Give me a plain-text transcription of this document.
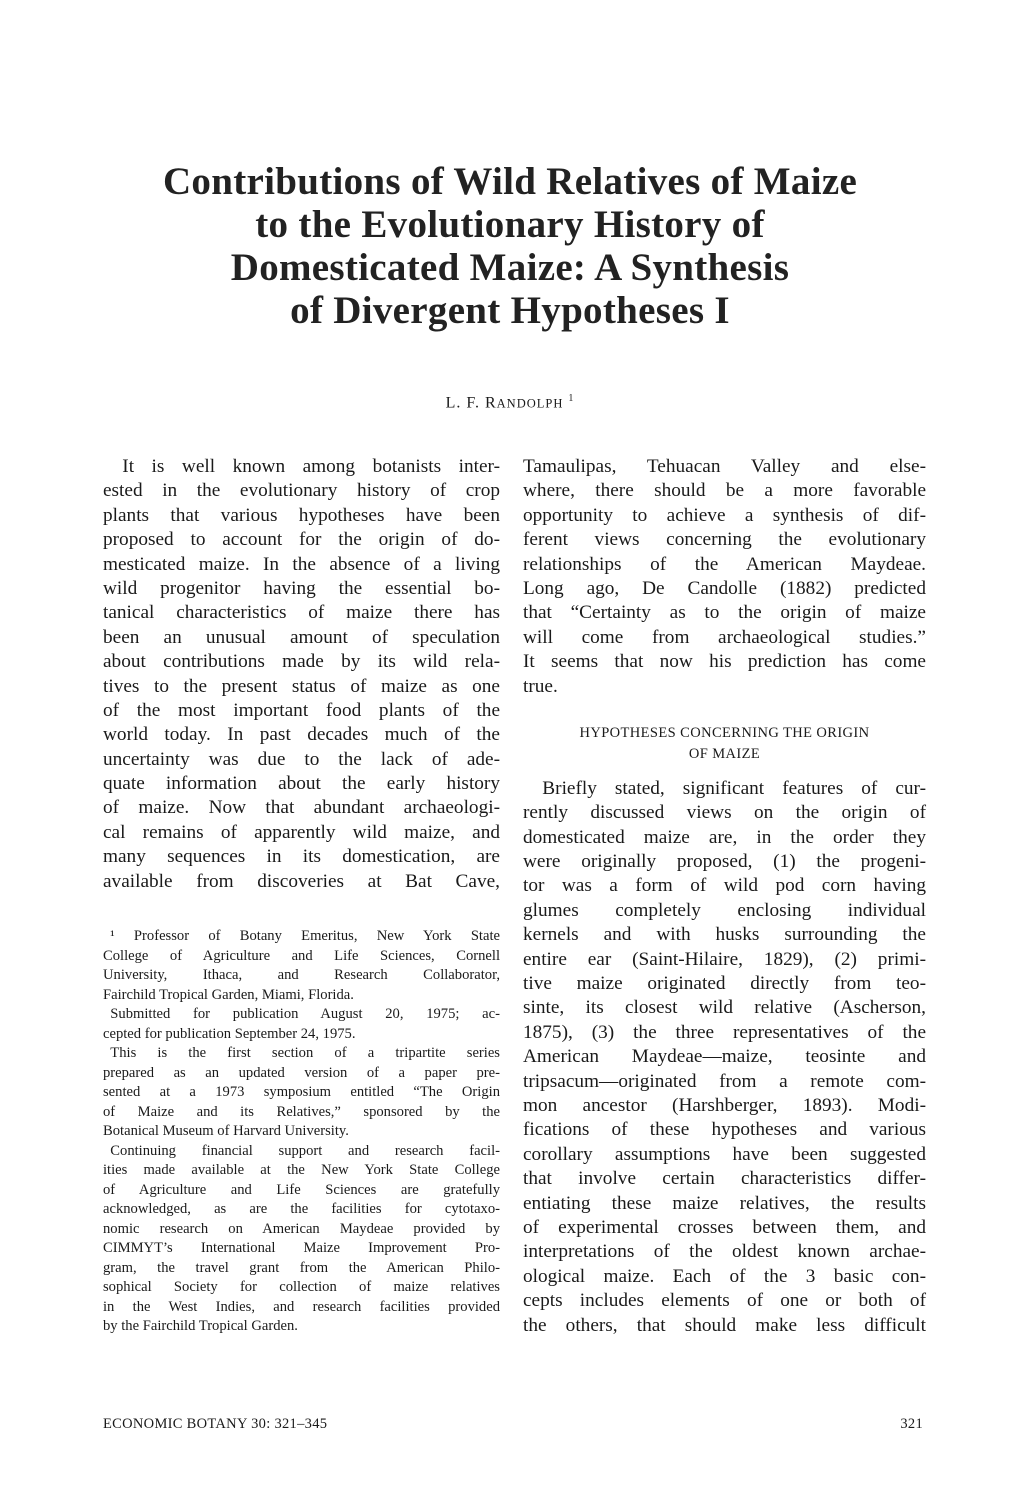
Contributions of Wild Relatives of Maize
to the Evolutionary History of
Domesticated Maize: A Synthesis
of Divergent Hypotheses I
L. F. RANDOLPH $^1$
 It is well known among botanists inter-
ested in the evolutionary history of crop
plants that various hypotheses have been
proposed to account for the origin of do-
mesticated maize. In the absence of a living
wild progenitor having the essential bo-
tanical characteristics of maize there has
been an unusual amount of speculation
about contributions made by its wild rela-
tives to the present status of maize as one
of the most important food plants of the
world today. In past decades much of the
uncertainty was due to the lack of ade-
quate information about the early history
of maize. Now that abundant archaeologi-
cal remains of apparently wild maize, and
many sequences in its domestication, are
available from discoveries at Bat Cave,
 ¹ Professor of Botany Emeritus, New York State
College of Agriculture and Life Sciences, Cornell
University, Ithaca, and Research Collaborator,
Fairchild Tropical Garden, Miami, Florida.
 Submitted for publication August 20, 1975; ac-
cepted for publication September 24, 1975.
 This is the first section of a tripartite series
prepared as an updated version of a paper pre-
sented at a 1973 symposium entitled “The Origin
of Maize and its Relatives,” sponsored by the
Botanical Museum of Harvard University.
 Continuing financial support and research facil-
ities made available at the New York State College
of Agriculture and Life Sciences are gratefully
acknowledged, as are the facilities for cytotaxo-
nomic research on American Maydeae provided by
CIMMYT’s International Maize Improvement Pro-
gram, the travel grant from the American Philo-
sophical Society for collection of maize relatives
in the West Indies, and research facilities provided
by the Fairchild Tropical Garden.
Tamaulipas, Tehuacan Valley and else-
where, there should be a more favorable
opportunity to achieve a synthesis of dif-
ferent views concerning the evolutionary
relationships of the American Maydeae.
Long ago, De Candolle (1882) predicted
that “Certainty as to the origin of maize
will come from archaeological studies.”
It seems that now his prediction has come
true.
HYPOTHESES CONCERNING THE ORIGIN
OF MAIZE
 Briefly stated, significant features of cur-
rently discussed views on the origin of
domesticated maize are, in the order they
were originally proposed, (1) the progeni-
tor was a form of wild pod corn having
glumes completely enclosing individual
kernels and with husks surrounding the
entire ear (Saint-Hilaire, 1829), (2) primi-
tive maize originated directly from teo-
sinte, its closest wild relative (Ascherson,
1875), (3) the three representatives of the
American Maydeae—maize, teosinte and
tripsacum—originated from a remote com-
mon ancestor (Harshberger, 1893). Modi-
fications of these hypotheses and various
corollary assumptions have been suggested
that involve certain characteristics differ-
entiating these maize relatives, the results
of experimental crosses between them, and
interpretations of the oldest known archae-
ological maize. Each of the 3 basic con-
cepts includes elements of one or both of
the others, that should make less difficult
ECONOMIC BOTANY 30: 321–345	321
